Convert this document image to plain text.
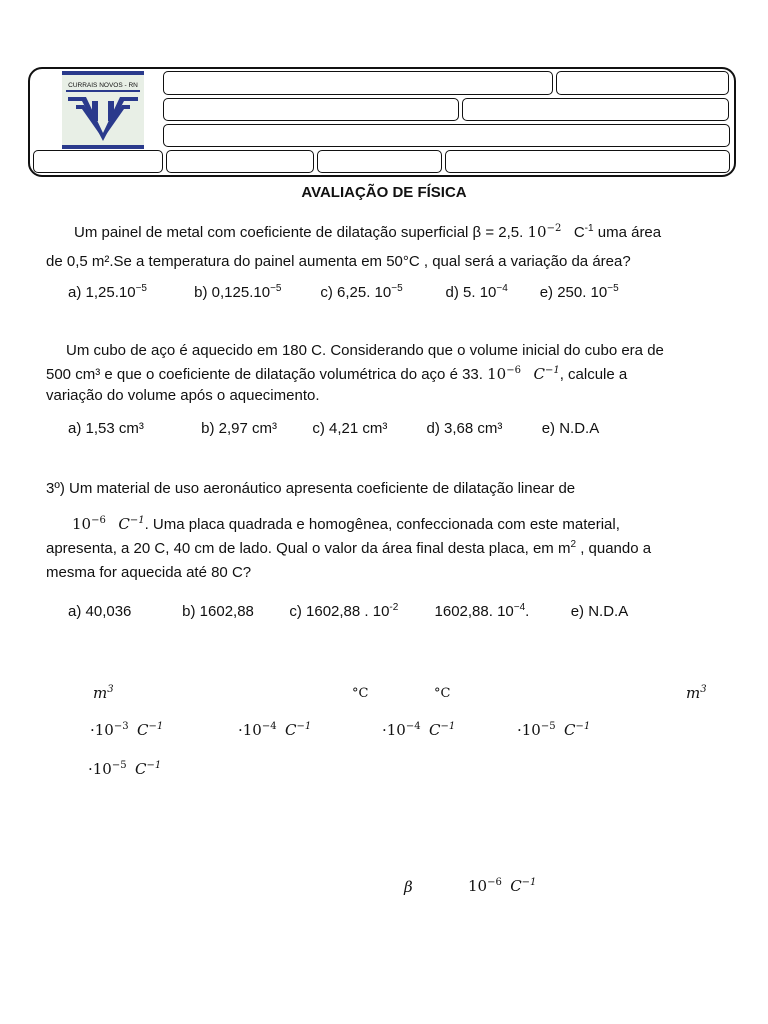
CURRAIS NOVOS - RN
AVALIAÇÃO DE FÍSICA
Um painel de metal com coeficiente de dilatação superficial β = 2,5. $10^{-2}$ $C^{-1}$ uma área
de 0,5 m².Se a temperatura do painel aumenta em 50°C , qual será a variação da área?
a) $1,25.10^{-5}$	b) $0,125.10^{-5}$	c) 6,25. $10^{-5}$	d) 5. $10^{-4}$ e) 250. $10^{-5}$
Um cubo de aço é aquecido em 180 C. Considerando que o volume inicial do cubo era de
500 cm³ e que o coeficiente de dilatação volumétrica do aço é 33. $10^{-6}$ $C^{-1}$, calcule a
variação do volume após o aquecimento.
a) 1,53 cm³	b) 2,97 cm³ c) 4,21 cm³	d) 3,68 cm³	e) N.D.A
3º) Um material de uso aeronáutico apresenta coeficiente de dilatação linear de
$10^{-6}$ $C^{-1}$. Uma placa quadrada e homogênea, confeccionada com este material,
apresenta, a 20 C, 40 cm de lado. Qual o valor da área final desta placa, em $m^2$ , quando a
mesma for aquecida até 80 C?
a) 40,036	b) 1602,88 c) 1602,88 . $10^{-2}$ 1602,88. $10^{-4}$.	e) N.D.A
$m^3$	°C	°C	$m^3$
$\cdot 10^{-3}$ $C^{-1}$	$\cdot 10^{-4}$ $C^{-1}$	$\cdot 10^{-4}$ $C^{-1}$	$\cdot 10^{-5}$ $C^{-1}$
$\cdot 10^{-5}$ $C^{-1}$
β	$10^{-6}$ $C^{-1}$
